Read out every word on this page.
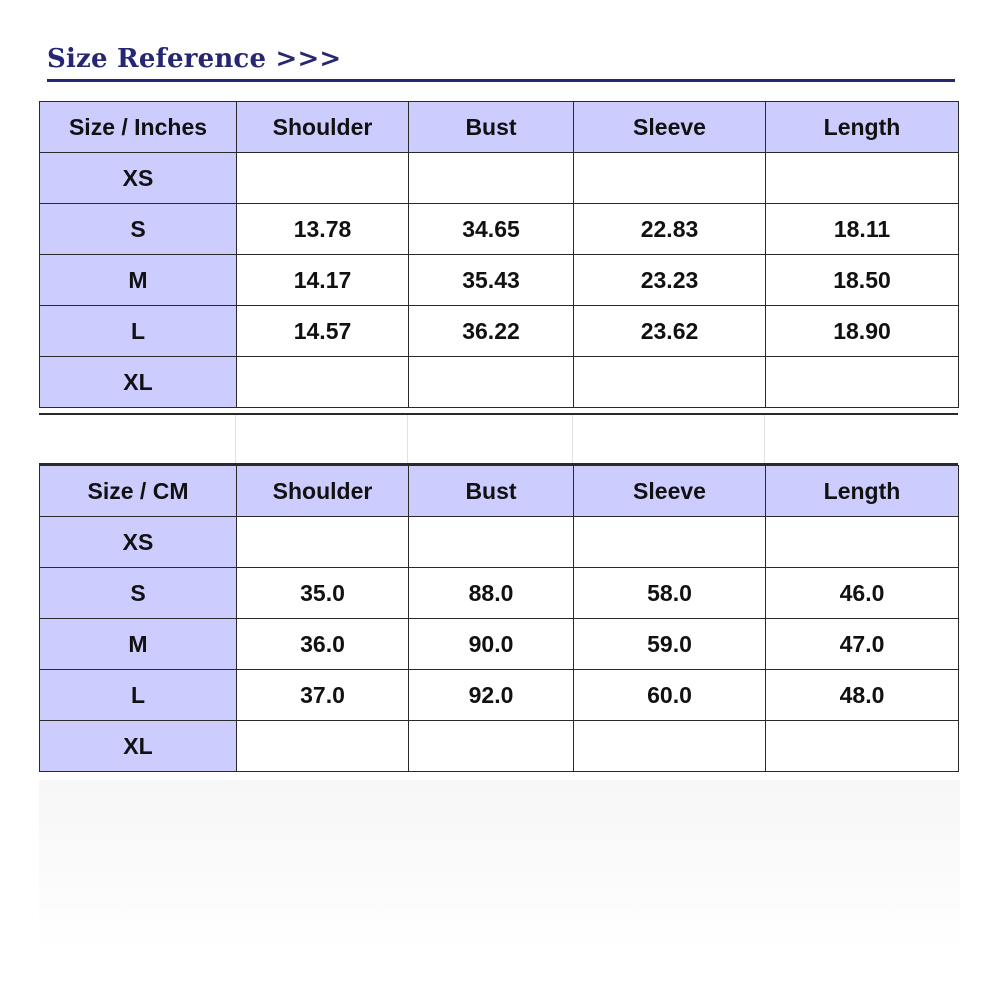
Size Reference >>>
Size / Inches	Shoulder	Bust	Sleeve	Length
XS				
S	13.78	34.65	22.83	18.11
M	14.17	35.43	23.23	18.50
L	14.57	36.22	23.62	18.90
XL				
Size / CM	Shoulder	Bust	Sleeve	Length
XS				
S	35.0	88.0	58.0	46.0
M	36.0	90.0	59.0	47.0
L	37.0	92.0	60.0	48.0
XL				
